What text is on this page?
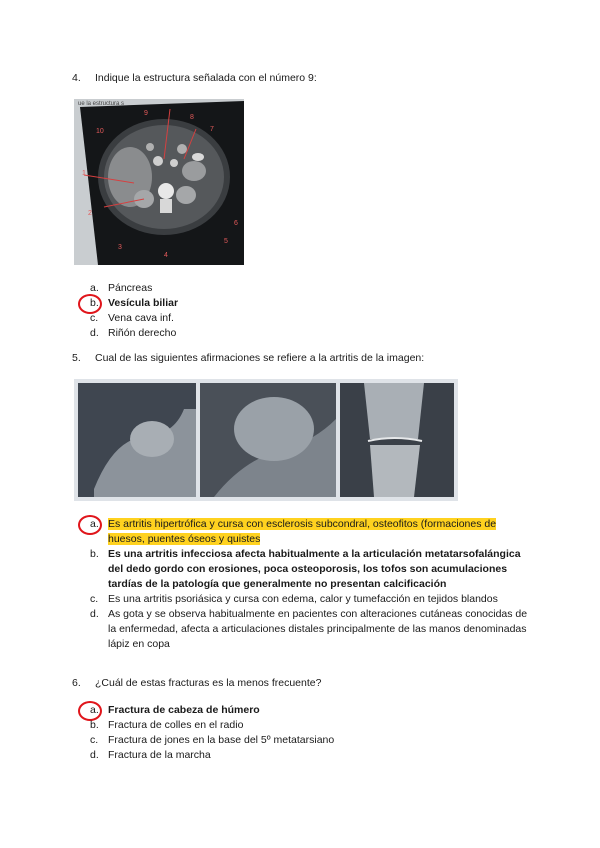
4. Indique la estructura señalada con el número 9:
ue la estructura s
10
9
8
7
1
2
3
4
5
6
a. Páncreas
b. Vesícula biliar
c. Vena cava inf.
d. Riñón derecho
5. Cual de las siguientes afirmaciones se refiere a la artritis de la imagen:
a. Es artritis hipertrófica y cursa con esclerosis subcondral, osteofitos (formaciones de huesos, puentes óseos y quistes
b. Es una artritis infecciosa afecta habitualmente a la articulación metatarsofalángica del dedo gordo con erosiones, poca osteoporosis, los tofos son acumulaciones tardías de la patología que generalmente no presentan calcificación
c. Es una artritis psoriásica y cursa con edema, calor y tumefacción en tejidos blandos
d. As gota y se observa habitualmente en pacientes con alteraciones cutáneas conocidas de la enfermedad, afecta a articulaciones distales principalmente de las manos denominadas lápiz en copa
6. ¿Cuál de estas fracturas es la menos frecuente?
a. Fractura de cabeza de húmero
b. Fractura de colles en el radio
c. Fractura de jones en la base del 5º metatarsiano
d. Fractura de la marcha
